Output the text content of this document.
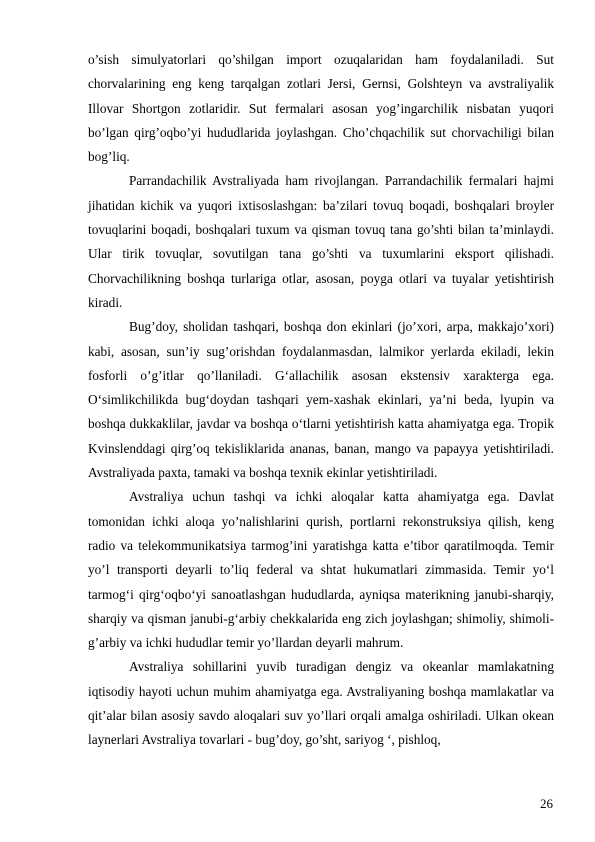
o’sish simulyatorlari qo’shilgan import ozuqalaridan ham foydalaniladi. Sut chorvalarining eng keng tarqalgan zotlari Jersi, Gernsi, Golshteyn va avstraliyalik Illovar Shortgon zotlaridir. Sut fermalari asosan yog’ingarchilik nisbatan yuqori bo’lgan qirg’oqbo’yi hududlarida joylashgan. Cho’chqachilik sut chorvachiligi bilan bog’liq.

Parrandachilik Avstraliyada ham rivojlangan. Parrandachilik fermalari hajmi jihatidan kichik va yuqori ixtisoslashgan: ba’zilari tovuq boqadi, boshqalari broyler tovuqlarini boqadi, boshqalari tuxum va qisman tovuq tana go’shti bilan ta’minlaydi. Ular tirik tovuqlar, sovutilgan tana go’shti va tuxumlarini eksport qilishadi. Chorvachilikning boshqa turlariga otlar, asosan, poyga otlari va tuyalar yetishtirish kiradi.

Bug’doy, sholidan tashqari, boshqa don ekinlari (jo’xori, arpa, makkajo’xori) kabi, asosan, sun’iy sug’orishdan foydalanmasdan, lalmikor yerlarda ekiladi, lekin fosforli o’g’itlar qo’llaniladi. G‘allachilik asosan ekstensiv xarakterga ega. O‘simlikchilikda bug‘doydan tashqari yem-xashak ekinlari, ya’ni beda, lyupin va boshqa dukkaklilar, javdar va boshqa o‘tlarni yetishtirish katta ahamiyatga ega. Tropik Kvinslenddagi qirg’oq tekisliklarida ananas, banan, mango va papayya yetishtiriladi. Avstraliyada paxta, tamaki va boshqa texnik ekinlar yetishtiriladi.

Avstraliya uchun tashqi va ichki aloqalar katta ahamiyatga ega. Davlat tomonidan ichki aloqa yo’nalishlarini qurish, portlarni rekonstruksiya qilish, keng radio va telekommunikatsiya tarmog’ini yaratishga katta e’tibor qaratilmoqda. Temir yo’l transporti deyarli to’liq federal va shtat hukumatlari zimmasida. Temir yo‘l tarmog‘i qirg‘oqbo‘yi sanoatlashgan hududlarda, ayniqsa materikning janubi-sharqiy, sharqiy va qisman janubi-g‘arbiy chekkalarida eng zich joylashgan; shimoliy, shimoli-g’arbiy va ichki hududlar temir yo’llardan deyarli mahrum.

Avstraliya sohillarini yuvib turadigan dengiz va okeanlar mamlakatning iqtisodiy hayoti uchun muhim ahamiyatga ega. Avstraliyaning boshqa mamlakatlar va qit’alar bilan asosiy savdo aloqalari suv yo’llari orqali amalga oshiriladi. Ulkan okean laynerlari Avstraliya tovarlari - bug’doy, go’sht, sariyog ‘, pishloq,

26
